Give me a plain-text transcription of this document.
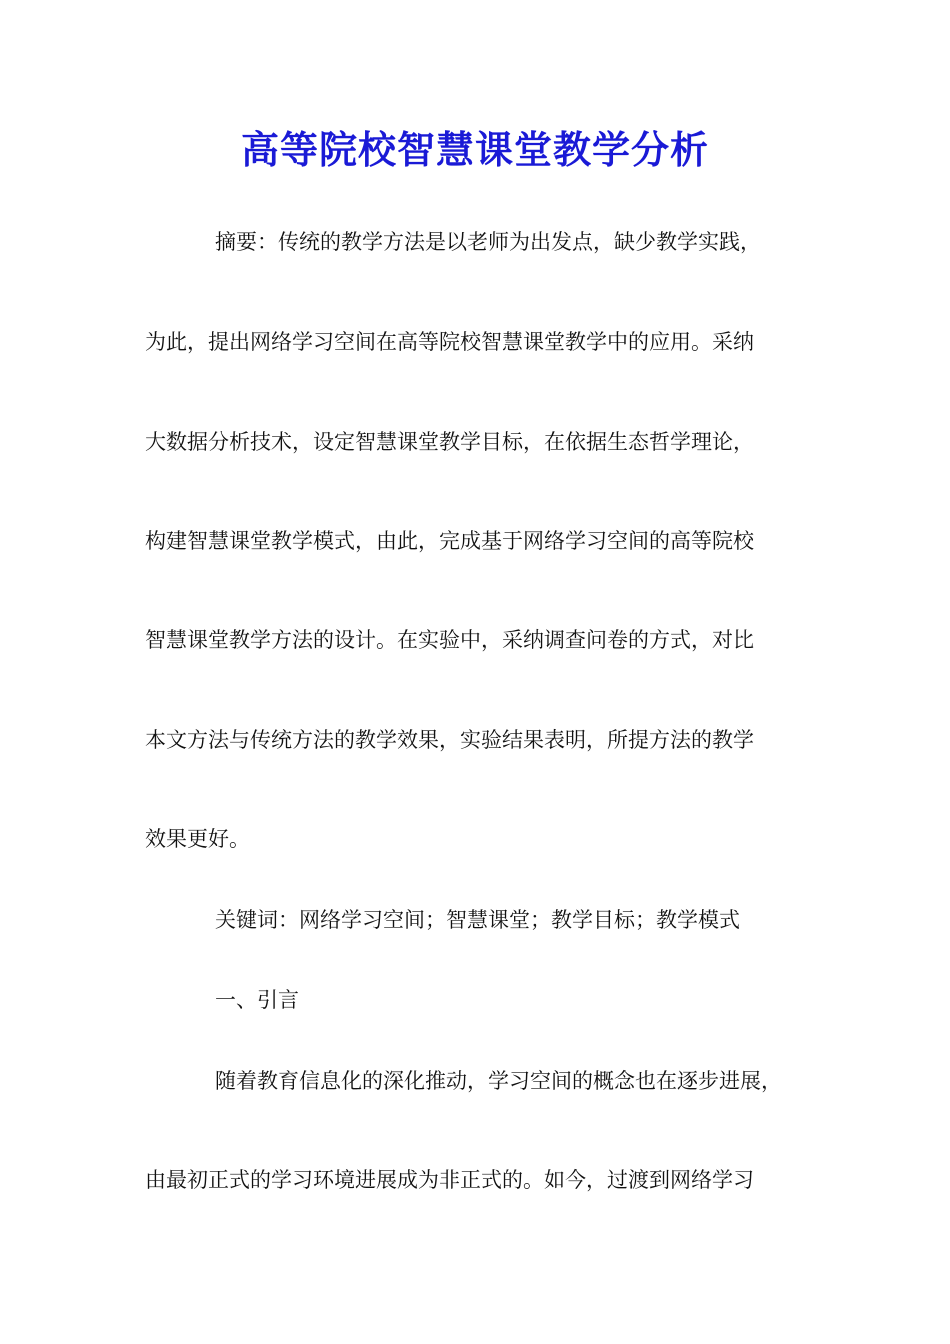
高等院校智慧课堂教学分析

摘要：传统的教学方法是以老师为出发点，缺少教学实践，

为此，提出网络学习空间在高等院校智慧课堂教学中的应用。采纳

大数据分析技术，设定智慧课堂教学目标，在依据生态哲学理论，

构建智慧课堂教学模式，由此，完成基于网络学习空间的高等院校

智慧课堂教学方法的设计。在实验中，采纳调查问卷的方式，对比

本文方法与传统方法的教学效果，实验结果表明，所提方法的教学

效果更好。

关键词：网络学习空间；智慧课堂；教学目标；教学模式

一、引言

随着教育信息化的深化推动，学习空间的概念也在逐步进展，

由最初正式的学习环境进展成为非正式的。如今，过渡到网络学习
